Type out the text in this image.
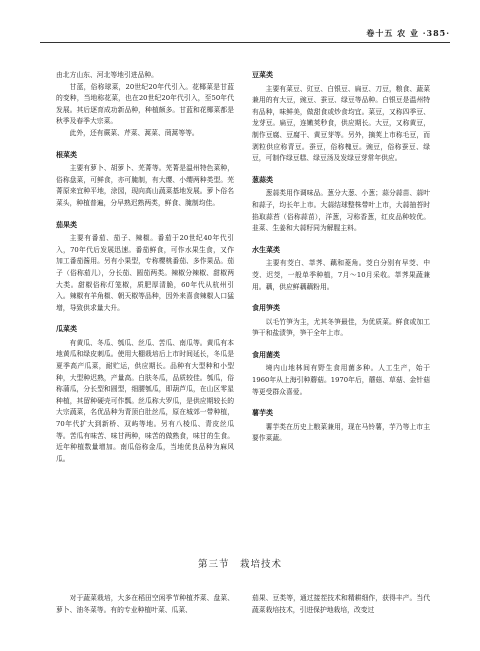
卷十五 农 业 ·385·

由北方山东、河北等地引进品种。

甘蓝，俗称球菜，20世纪20年代引入。花椰菜是甘蓝的变种，当地称花菜，也在20世纪20年代引入，至50年代发展。其后逐育成功新品种，种植颇多。甘蓝和花椰菜都是秋季及春季大宗菜。

此外，还有蕨菜、芹菜、蒿菜、茼蒿等等。

根菜类

主要有萝卜、胡萝卜、芜菁等。芜菁是温州特色菜种，俗称盘菜，可鲜食，亦可腌制，有大缨、小缨两种类型。芜菁原来宜种平地，涂园，现向高山蔬菜基地发展。萝卜俗名菜头，种植普遍，分早熟迟熟两类，鲜食、腌制均佳。

茄果类

主要有番茄、茄子、辣椒。番茄于20世纪40年代引入，70年代后发展迅速。番茄鲜食，可作水果生食，又作加工番茄酱用。另有小果型，专称樱桃番茄、多作果品。茄子（俗称茄儿），分长茄、圆茄两类。辣椒分辣椒、甜椒两大类。甜椒俗称灯笼椒，质肥厚清脆，60年代从杭州引入。辣椒有羊角椒、朝天椒等品种，因外来喜食辣椒人口猛增，导致供求量大升。

瓜菜类

有黄瓜、冬瓜、瓠瓜、丝瓜、苦瓜、南瓜等。黄瓜有本地黄瓜和绿皮刺瓜。使用大棚栽培后上市时间延长，冬瓜是夏季高产瓜菜，耐贮运，供应期长。品种有大型种和小型种，大型种迟熟，产量高。白肤冬瓜，品质较佳。瓠瓜，俗称蒲瓜，分长型和圆型，细腰瓠瓜，即葫芦瓜，在山区零星种植，其留种硬壳可作瓢。丝瓜称大罗瓜，是供应期较长的大宗蔬菜，名优品种为青顶白肚丝瓜，原在城郊一带种植，70年代扩大到新桥、双屿等地。另有八棱瓜、青皮丝瓜等。苦瓜有味苦、味甘两种，味苦的做熟食，味甘的生食。近年种植数量增加。南瓜俗称金瓜，当地优良品种为麻风瓜。

豆菜类

主要有菜豆、豇豆、白银豆、扁豆、刀豆，粮食、蔬菜兼用的有大豆，豌豆、蚕豆、绿豆等品种。白银豆是温州特有品种，味鲜美，做甜食或炒食均宜。菜豆，又称四季豆、龙芽豆。扁豆，连嫩荚秒食，供应期长。大豆，又称黄豆，制作豆腐、豆腐干、黄豆芽等。另外，摘荚上市称毛豆，而剥粒供应称青豆。蚕豆，俗称槐豆。豌豆，俗称蚕豆、绿豆，可制作绿豆糕、绿豆汤及发绿豆芽常年供应。

葱蒜类

葱蒜类用作调味品。葱分大葱、小葱；蒜分蒜苗、蒜叶和蒜子，均长年上市。大蒜结球整株带叶上市，大蒜抽苔时掐取蒜苔（俗称蒜苗），洋葱，习称香葱，红皮品种较优。韭菜、生姜和大蒜籽同为解腥主料。

水生菜类

主要有茭白、莘荠、藕和菱角。茭白分别有早茭、中茭、迟茭，一般单季种植，7月～10月采收。莘荠果蔬兼用。藕，供应鲜藕藕粉用。

食用笋类

以毛竹笋为主，尤其冬笋最佳，为优质菜。鲜食或加工笋干和盐渍笋，笋干全年上市。

食用菌类

境内山地林间有野生食用菌多种。人工生产，始于1960年从上海引种蘑菇。1970年后，蘑菇、草菇、金针菇等更受群众喜爱。

薯芋类

薯芋类在历史上粮菜兼用，现在马铃薯，芋乃等上市主要作菜蔬。

第三节　栽培技术

对于蔬菜栽培，大多在稻田空闲季节种植芥菜、盘菜、萝卜、油冬菜等。有的专业种植叶菜、瓜菜、

茄果、豆类等，通过接茬技术和精耕细作，获得丰产。当代蔬菜栽培技术，引进保护地栽培，改变过
